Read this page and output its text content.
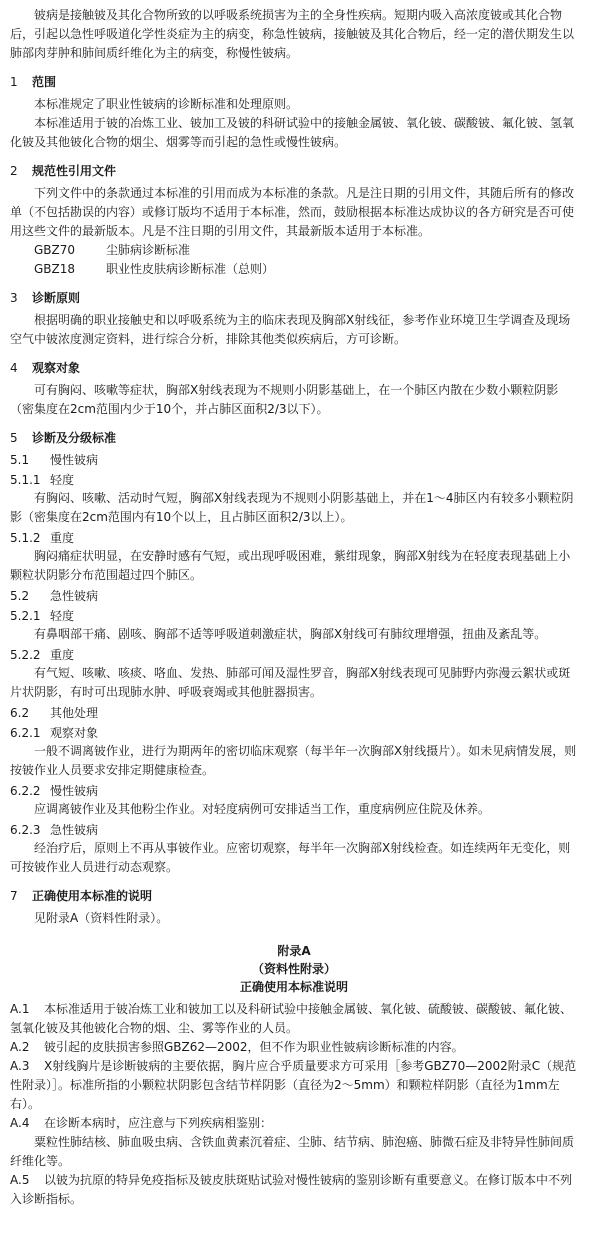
铍病是接触铍及其化合物所致的以呼吸系统损害为主的全身性疾病。短期内吸入高浓度铍或其化合物后，引起以急性呼吸道化学性炎症为主的病变，称急性铍病，接触铍及其化合物后，经一定的潜伏期发生以肺部肉芽肿和肺间质纤维化为主的病变，称慢性铍病。

1 范围

本标准规定了职业性铍病的诊断标准和处理原则。

本标准适用于铍的冶炼工业、铍加工及铍的科研试验中的接触金属铍、氧化铍、碳酸铍、氟化铍、氢氧化铍及其他铍化合物的烟尘、烟雾等而引起的急性或慢性铍病。

2 规范性引用文件

下列文件中的条款通过本标准的引用而成为本标准的条款。凡是注日期的引用文件，其随后所有的修改单（不包括勘误的内容）或修订版均不适用于本标准，然而，鼓励根据本标准达成协议的各方研究是否可使用这些文件的最新版本。凡是不注日期的引用文件，其最新版本适用于本标准。

GBZ70	尘肺病诊断标准
GBZ18	职业性皮肤病诊断标准（总则）
3 诊断原则

根据明确的职业接触史和以呼吸系统为主的临床表现及胸部X射线征，参考作业环境卫生学调查及现场空气中铍浓度测定资料，进行综合分析，排除其他类似疾病后，方可诊断。

4 观察对象

可有胸闷、咳嗽等症状，胸部X射线表现为不规则小阴影基础上，在一个肺区内散在少数小颗粒阴影（密集度在2cm范围内少于10个，并占肺区面积2/3以下）。

5 诊断及分级标准
5.1 慢性铍病
5.1.1 轻度

有胸闷、咳嗽、活动时气短，胸部X射线表现为不规则小阴影基础上，并在1～4肺区内有较多小颗粒阴影（密集度在2cm范围内有10个以上，且占肺区面积2/3以上）。

5.1.2 重度

胸闷痛症状明显，在安静时感有气短，或出现呼吸困难，紫绀现象，胸部X射线为在轻度表现基础上小颗粒状阴影分布范围超过四个肺区。

5.2 急性铍病
5.2.1 轻度

有鼻咽部干痛、剧咳、胸部不适等呼吸道刺激症状，胸部X射线可有肺纹理增强，扭曲及紊乱等。

5.2.2 重度

有气短、咳嗽、咳痰、咯血、发热、肺部可闻及湿性罗音，胸部X射线表现可见肺野内弥漫云絮状或斑片状阴影，有时可出现肺水肿、呼吸衰竭或其他脏器损害。

6.2 其他处理
6.2.1 观察对象

一般不调离铍作业，进行为期两年的密切临床观察（每半年一次胸部X射线摄片）。如未见病情发展，则按铍作业人员要求安排定期健康检查。

6.2.2 慢性铍病

应调离铍作业及其他粉尘作业。对轻度病例可安排适当工作，重度病例应住院及休养。

6.2.3 急性铍病

经治疗后，原则上不再从事铍作业。应密切观察，每半年一次胸部X射线检查。如连续两年无变化，则可按铍作业人员进行动态观察。

7 正确使用本标准的说明

见附录A（资料性附录）。

附录A
（资料性附录）
正确使用本标准说明

A.1 本标准适用于铍冶炼工业和铍加工以及科研试验中接触金属铍、氧化铍、硫酸铍、碳酸铍、氟化铍、氢氧化铍及其他铍化合物的烟、尘、雾等作业的人员。

A.2 铍引起的皮肤损害参照GBZ62—2002，但不作为职业性铍病诊断标准的内容。

A.3 X射线胸片是诊断铍病的主要依据，胸片应合乎质量要求方可采用［参考GBZ70—2002附录C（规范性附录）］。标准所指的小颗粒状阴影包含结节样阴影（直径为2～5mm）和颗粒样阴影（直径为1mm左右）。

A.4 在诊断本病时，应注意与下列疾病相鉴别：

粟粒性肺结核、肺血吸虫病、含铁血黄素沉着症、尘肺、结节病、肺泡癌、肺微石症及非特异性肺间质纤维化等。

A.5 以铍为抗原的特异免疫指标及铍皮肤斑贴试验对慢性铍病的鉴别诊断有重要意义。在修订版本中不列入诊断指标。
